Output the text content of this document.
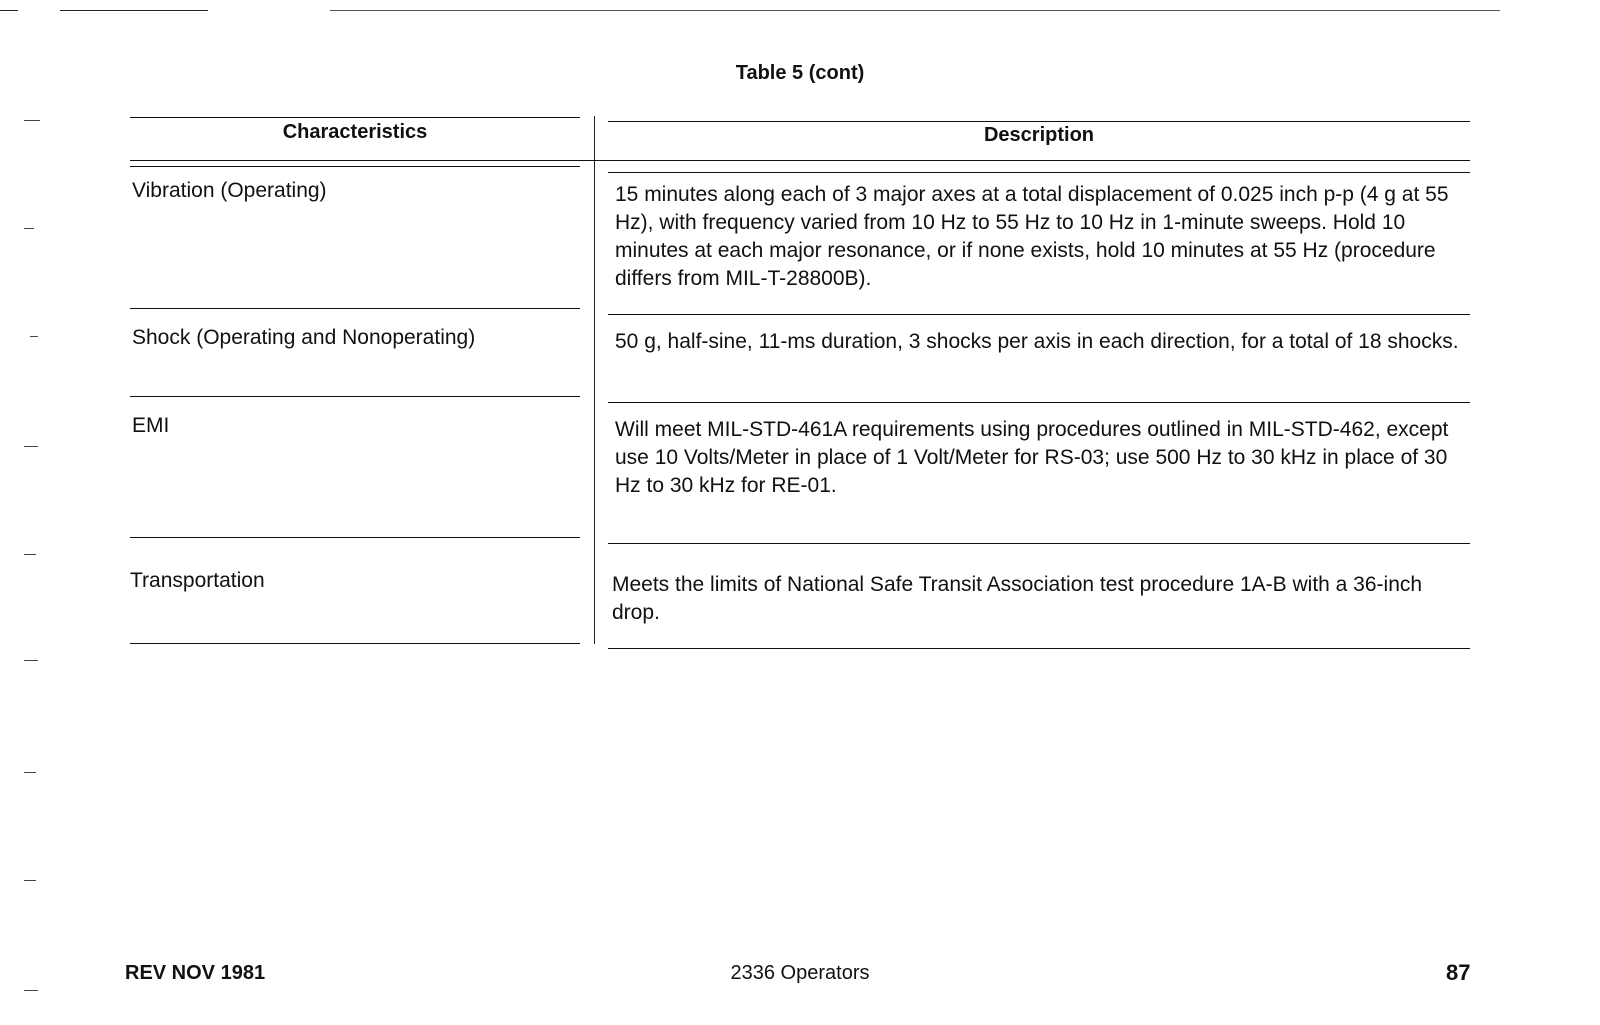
Table 5 (cont)
Characteristics	Description
Vibration (Operating)	15 minutes along each of 3 major axes at a total displacement of 0.025 inch p-p (4 g at 55 Hz), with frequency varied from 10 Hz to 55 Hz to 10 Hz in 1-minute sweeps. Hold 10 minutes at each major resonance, or if none exists, hold 10 minutes at 55 Hz (procedure differs from MIL-T-28800B).
Shock (Operating and Nonoperating)	50 g, half-sine, 11-ms duration, 3 shocks per axis in each direction, for a total of 18 shocks.
EMI	Will meet MIL-STD-461A requirements using procedures outlined in MIL-STD-462, except use 10 Volts/Meter in place of 1 Volt/Meter for RS-03; use 500 Hz to 30 kHz in place of 30 Hz to 30 kHz for RE-01.
Transportation	Meets the limits of National Safe Transit Association test procedure 1A-B with a 36-inch drop.
REV NOV 1981	2336 Operators	87
